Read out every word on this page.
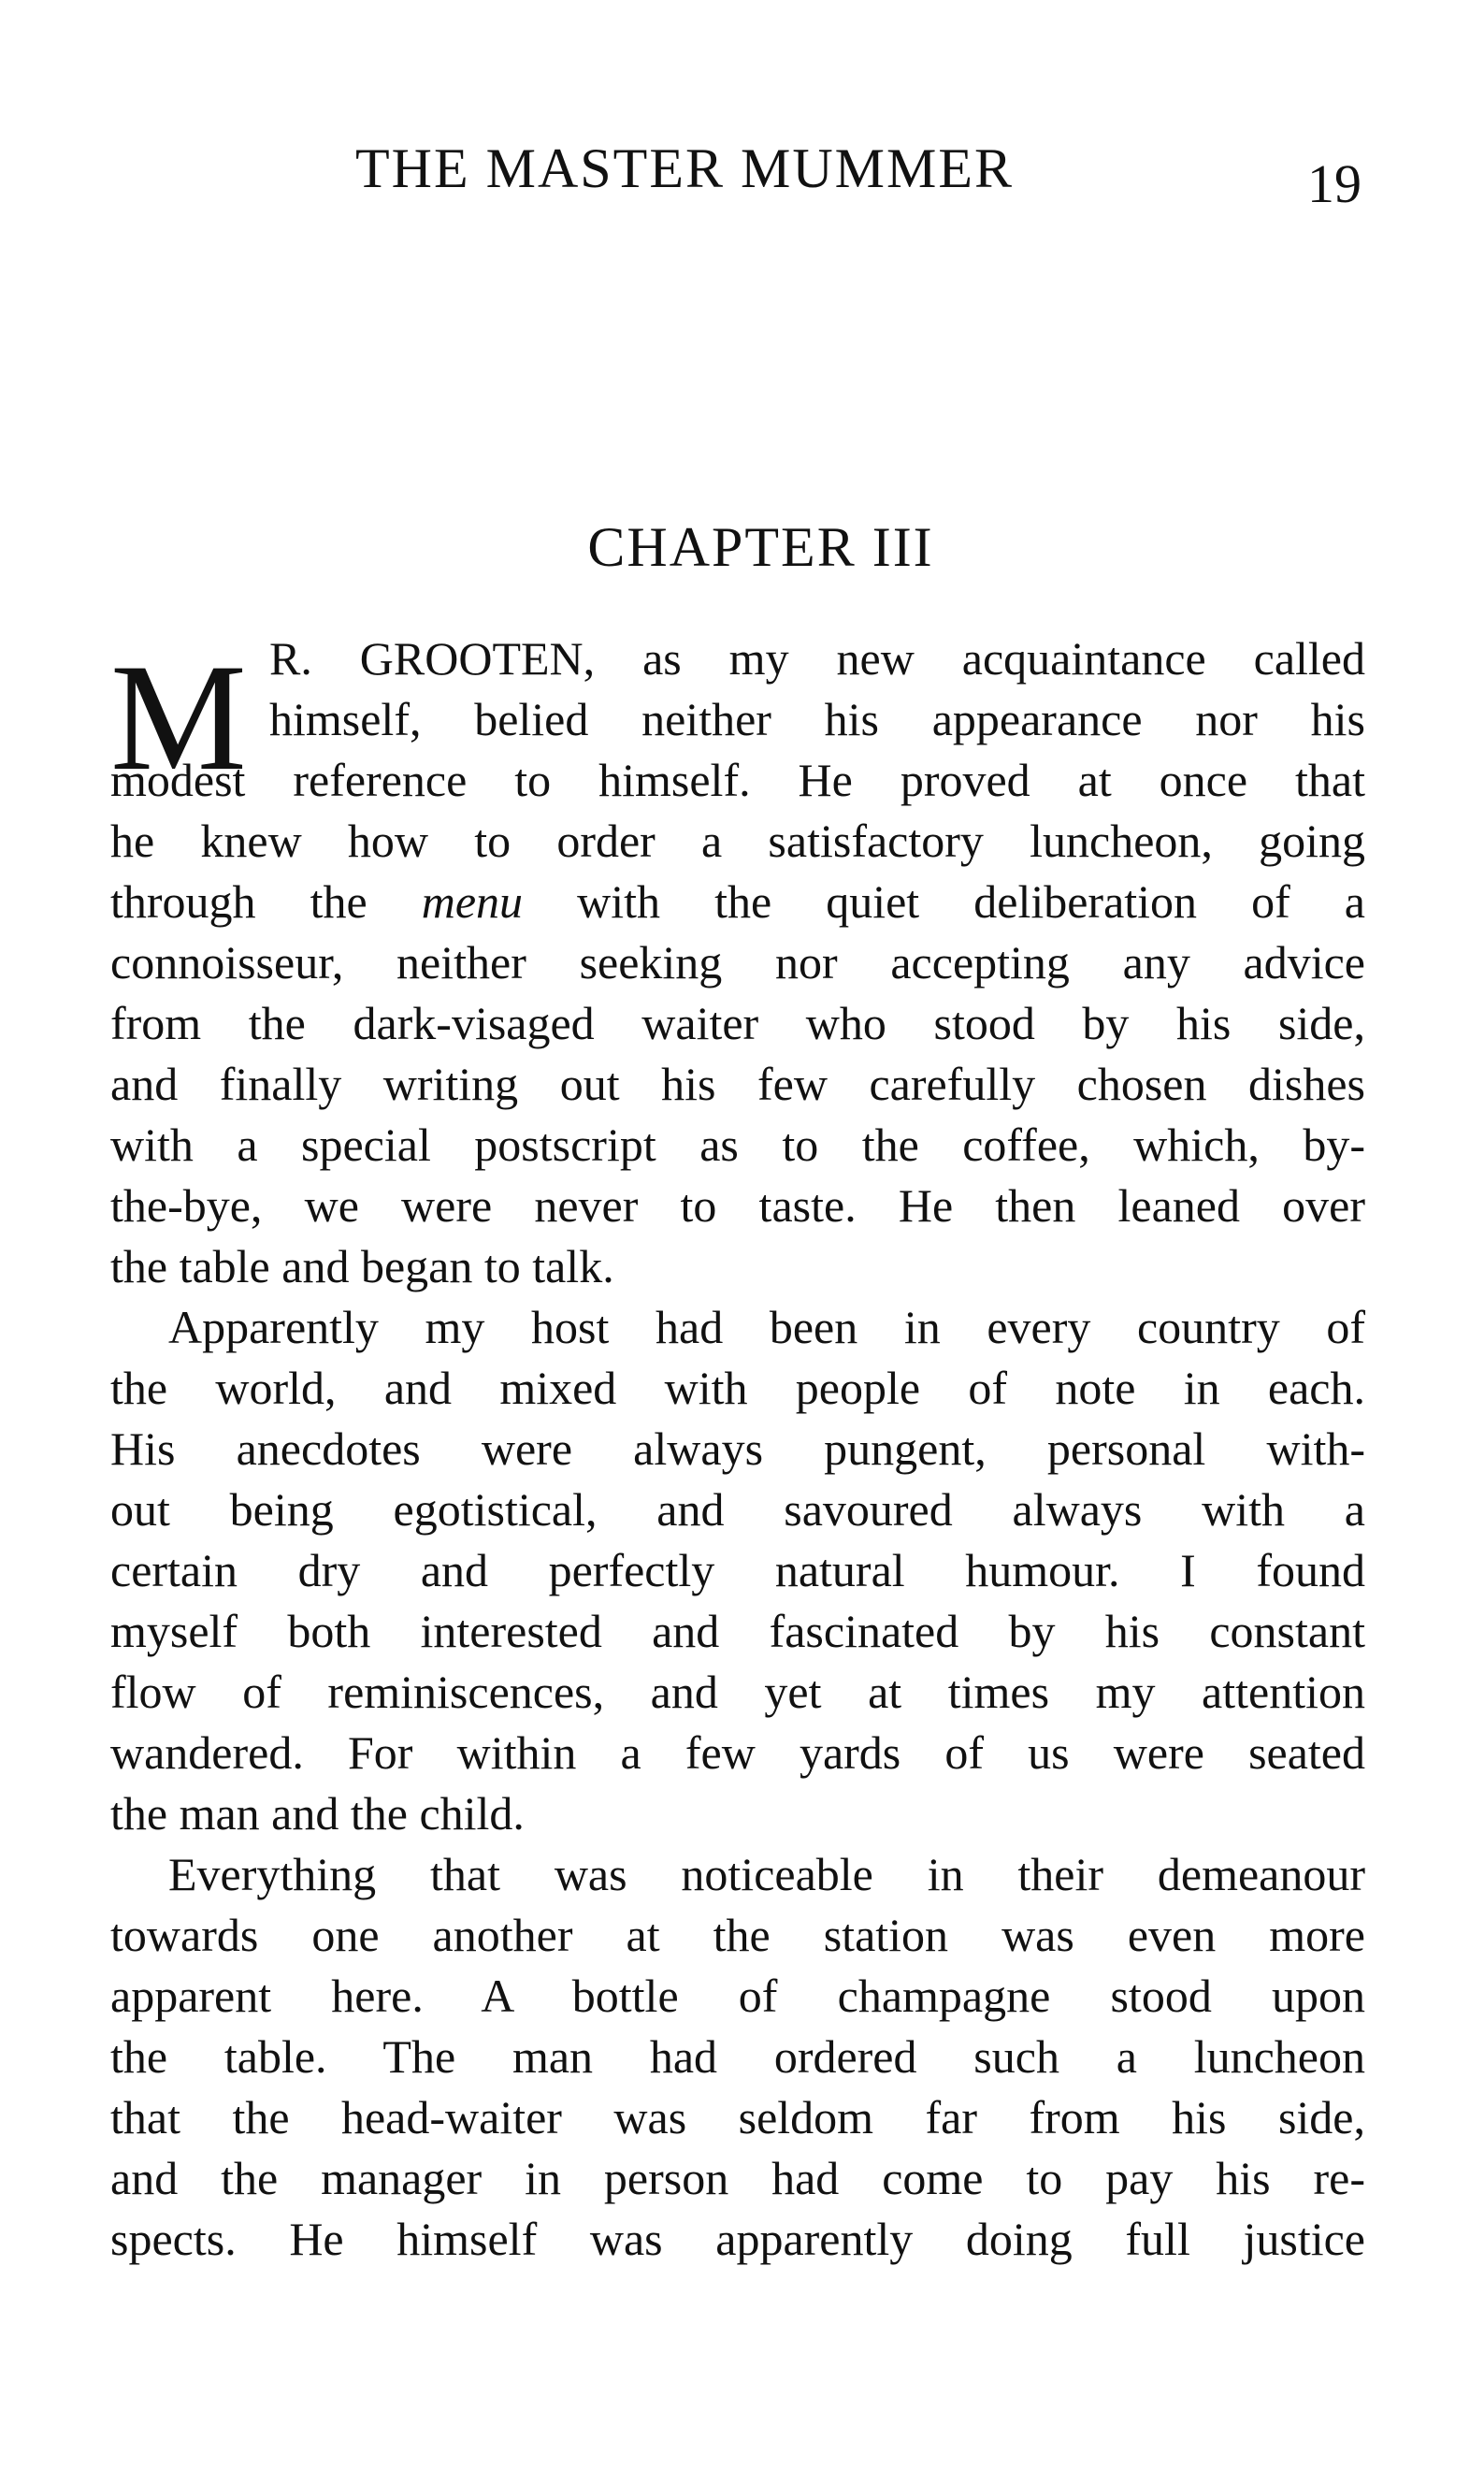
THE MASTER MUMMER	19
CHAPTER III
M R. GROOTEN, as my new acquaintance called
himself, belied neither his appearance nor his
modest reference to himself. He proved at once that
he knew how to order a satisfactory luncheon, going
through the menu with the quiet deliberation of a
connoisseur, neither seeking nor accepting any advice
from the dark-visaged waiter who stood by his side,
and finally writing out his few carefully chosen dishes
with a special postscript as to the coffee, which, by-
the-bye, we were never to taste. He then leaned over
the table and began to talk.
Apparently my host had been in every country of
the world, and mixed with people of note in each.
His anecdotes were always pungent, personal with-
out being egotistical, and savoured always with a
certain dry and perfectly natural humour. I found
myself both interested and fascinated by his constant
flow of reminiscences, and yet at times my attention
wandered. For within a few yards of us were seated
the man and the child.
Everything that was noticeable in their demeanour
towards one another at the station was even more
apparent here. A bottle of champagne stood upon
the table. The man had ordered such a luncheon
that the head-waiter was seldom far from his side,
and the manager in person had come to pay his re-
spects. He himself was apparently doing full justice
